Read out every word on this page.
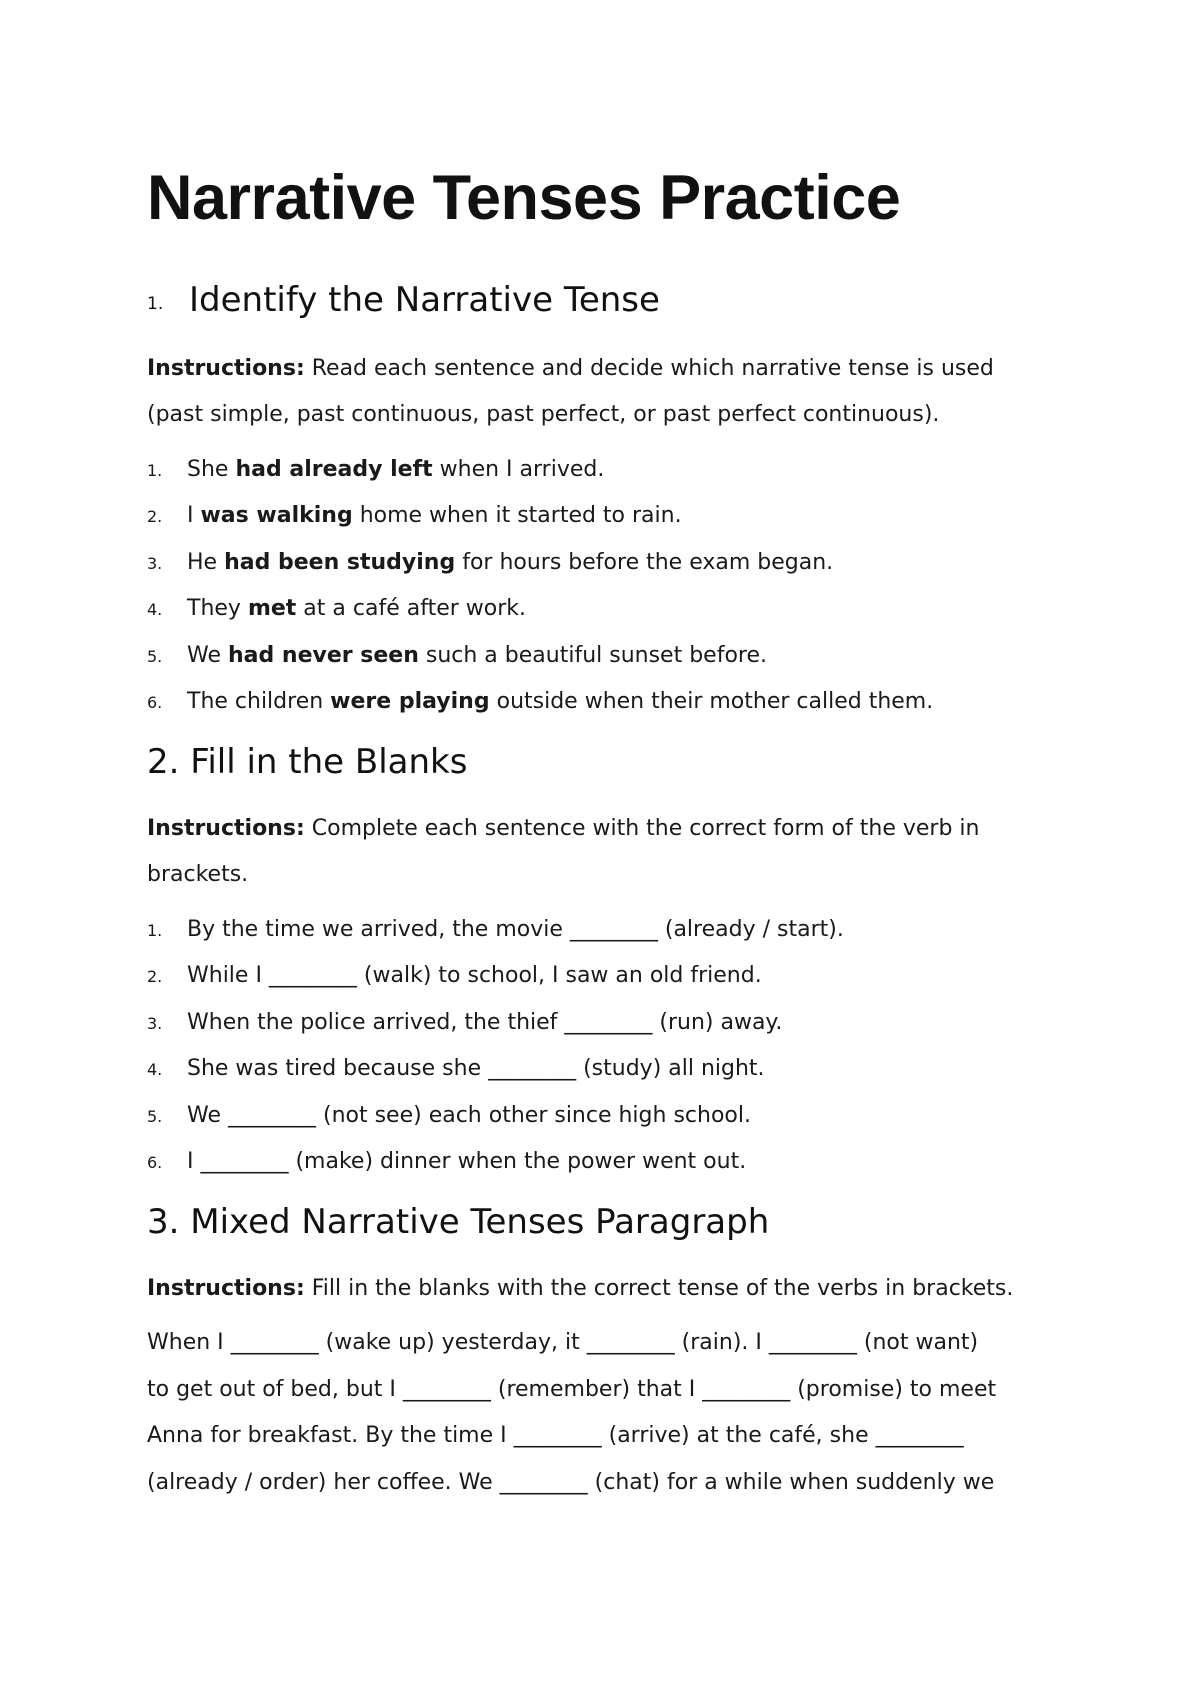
Narrative Tenses Practice
1. Identify the Narrative Tense

Instructions: Read each sentence and decide which narrative tense is used

(past simple, past continuous, past perfect, or past perfect continuous).

1.	She had already left when I arrived.
2.	I was walking home when it started to rain.
3.	He had been studying for hours before the exam began.
4.	They met at a café after work.
5.	We had never seen such a beautiful sunset before.
6.	The children were playing outside when their mother called them.
2. Fill in the Blanks

Instructions: Complete each sentence with the correct form of the verb in

brackets.

1.	By the time we arrived, the movie ________ (already / start).
2.	While I ________ (walk) to school, I saw an old friend.
3.	When the police arrived, the thief ________ (run) away.
4.	She was tired because she ________ (study) all night.
5.	We ________ (not see) each other since high school.
6.	I ________ (make) dinner when the power went out.
3. Mixed Narrative Tenses Paragraph

Instructions: Fill in the blanks with the correct tense of the verbs in brackets.

When I ________ (wake up) yesterday, it ________ (rain). I ________ (not want)

to get out of bed, but I ________ (remember) that I ________ (promise) to meet

Anna for breakfast. By the time I ________ (arrive) at the café, she ________

(already / order) her coffee. We ________ (chat) for a while when suddenly we
